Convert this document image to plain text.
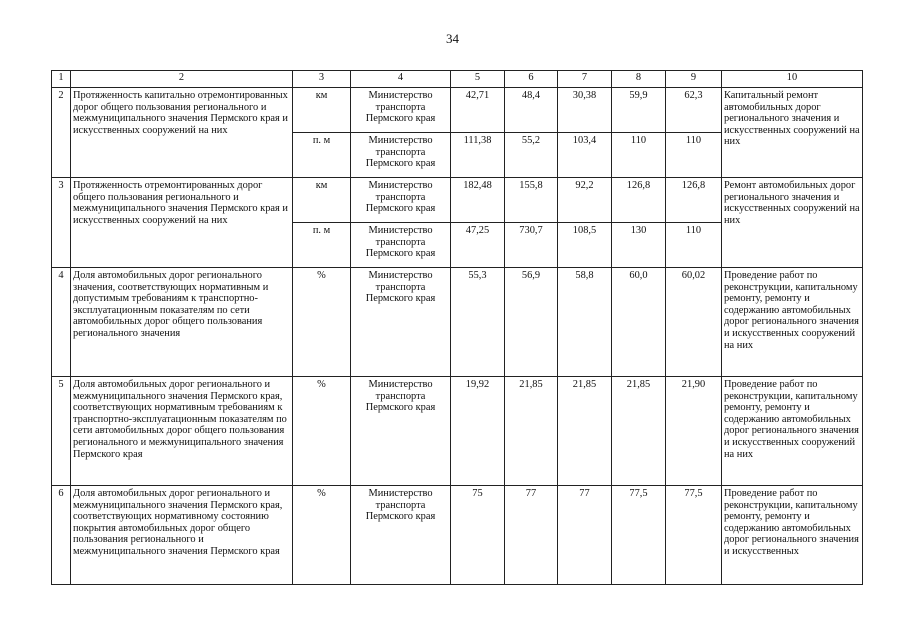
34
1	2	3	4	5	6	7	8	9	10
2	Протяженность капитально отремонтированных дорог общего пользования регионального и межмуниципального значения Пермского края и искусственных сооружений на них	км	Министерство транспорта Пермского края	42,71	48,4	30,38	59,9	62,3	Капитальный ремонт автомобильных дорог регионального значения и искусственных сооружений на них
		п. м	Министерство транспорта Пермского края	111,38	55,2	103,4	110	110	
3	Протяженность отремонтированных дорог общего пользования регионального и межмуниципального значения Пермского края и искусственных сооружений на них	км	Министерство транспорта Пермского края	182,48	155,8	92,2	126,8	126,8	Ремонт автомобильных дорог регионального значения и искусственных сооружений на них
		п. м	Министерство транспорта Пермского края	47,25	730,7	108,5	130	110	
4	Доля автомобильных дорог регионального значения, соответствующих нормативным и допустимым требованиям к транспортно-эксплуатационным показателям по сети автомобильных дорог общего пользования регионального значения	%	Министерство транспорта Пермского края	55,3	56,9	58,8	60,0	60,02	Проведение работ по реконструкции, капитальному ремонту, ремонту и содержанию автомобильных дорог регионального значения и искусственных сооружений на них
5	Доля автомобильных дорог регионального и межмуниципального значения Пермского края, соответствующих нормативным требованиям к транспортно-эксплуатационным показателям по сети автомобильных дорог общего пользования регионального и межмуниципального значения Пермского края	%	Министерство транспорта Пермского края	19,92	21,85	21,85	21,85	21,90	Проведение работ по реконструкции, капитальному ремонту, ремонту и содержанию автомобильных дорог регионального значения и искусственных сооружений на них
6	Доля автомобильных дорог регионального и межмуниципального значения Пермского края, соответствующих нормативному состоянию покрытия автомобильных дорог общего пользования регионального и межмуниципального значения Пермского края	%	Министерство транспорта Пермского края	75	77	77	77,5	77,5	Проведение работ по реконструкции, капитальному ремонту, ремонту и содержанию автомобильных дорог регионального значения и искусственных
